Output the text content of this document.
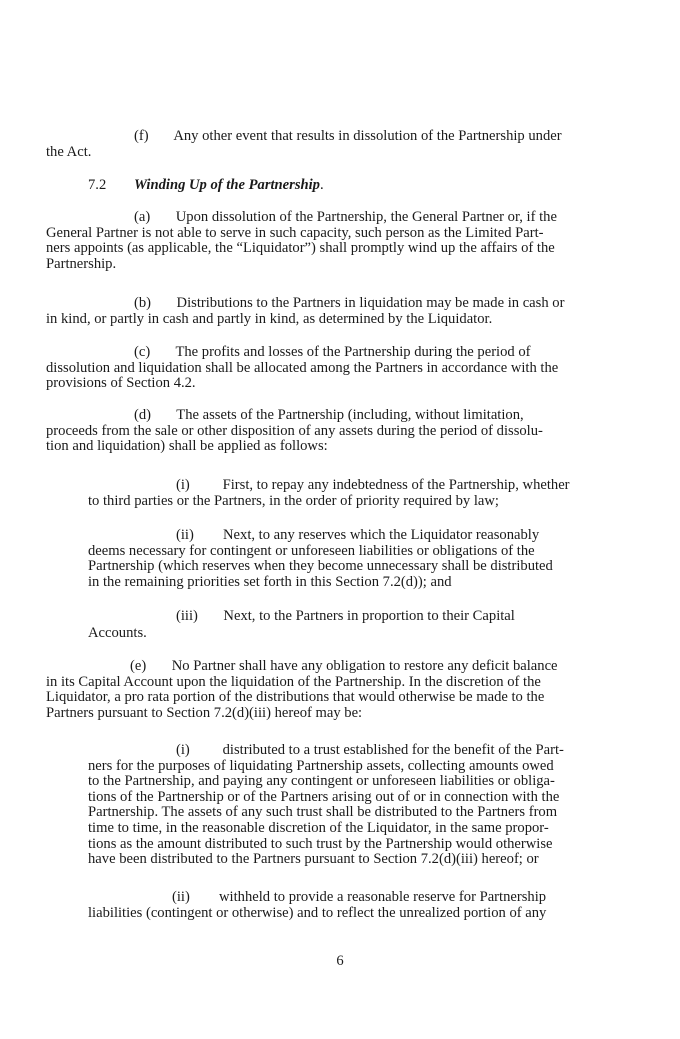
(f)       Any other event that results in dissolution of the Partnership under
the Act.
7.2 Winding Up of the Partnership .
(a)       Upon dissolution of the Partnership, the General Partner or, if the
General Partner is not able to serve in such capacity, such person as the Limited Part-
ners appoints (as applicable, the “Liquidator”) shall promptly wind up the affairs of the
Partnership.
(b)       Distributions to the Partners in liquidation may be made in cash or
in kind, or partly in cash and partly in kind, as determined by the Liquidator.
(c)       The profits and losses of the Partnership during the period of
dissolution and liquidation shall be allocated among the Partners in accordance with the
provisions of Section 4.2.
(d)       The assets of the Partnership (including, without limitation,
proceeds from the sale or other disposition of any assets during the period of dissolu-
tion and liquidation) shall be applied as follows:
(i)         First, to repay any indebtedness of the Partnership, whether
to third parties or the Partners, in the order of priority required by law;
(ii)        Next, to any reserves which the Liquidator reasonably
deems necessary for contingent or unforeseen liabilities or obligations of the
Partnership (which reserves when they become unnecessary shall be distributed
in the remaining priorities set forth in this Section 7.2(d)); and
(iii)       Next, to the Partners in proportion to their Capital
Accounts.
(e)       No Partner shall have any obligation to restore any deficit balance
in its Capital Account upon the liquidation of the Partnership. In the discretion of the
Liquidator, a pro rata portion of the distributions that would otherwise be made to the
Partners pursuant to Section 7.2(d)(iii) hereof may be:
(i)         distributed to a trust established for the benefit of the Part-
ners for the purposes of liquidating Partnership assets, collecting amounts owed
to the Partnership, and paying any contingent or unforeseen liabilities or obliga-
tions of the Partnership or of the Partners arising out of or in connection with the
Partnership. The assets of any such trust shall be distributed to the Partners from
time to time, in the reasonable discretion of the Liquidator, in the same propor-
tions as the amount distributed to such trust by the Partnership would otherwise
have been distributed to the Partners pursuant to Section 7.2(d)(iii) hereof; or
(ii)        withheld to provide a reasonable reserve for Partnership
liabilities (contingent or otherwise) and to reflect the unrealized portion of any
6
